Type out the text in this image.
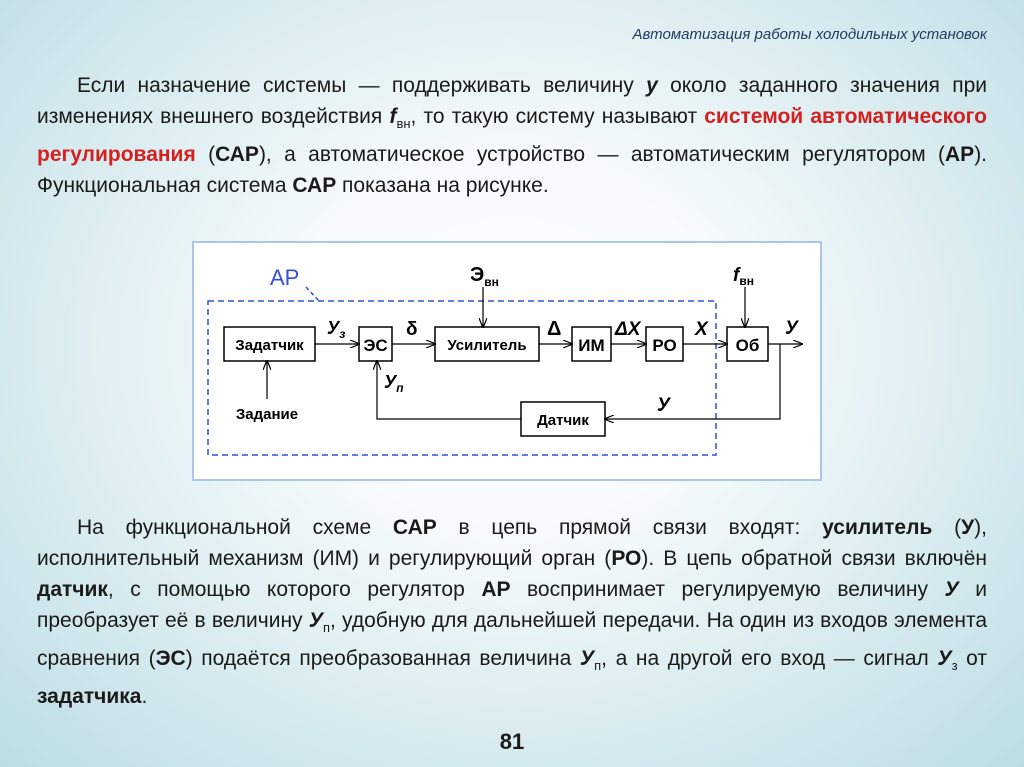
Автоматизация работы холодильных установок

Если назначение системы — поддерживать величину у около заданного значения при изменениях внешнего воздействия $f_{вн}$, то такую систему называют системой автоматического регулирования (САР), а автоматическое устройство — автоматическим регулятором (АР). Функциональная система САР показана на рисунке.

АР
Задатчик	ЭС	Усилитель	ИМ	РО	Об
Датчик
Задание
$У_з$	δ
$Э_{вн}$
Δ	ΔX	Х
$f_{вн}$
У
$У_п$
У

На функциональной схеме САР в цепь прямой связи входят: усилитель (У), исполнительный механизм (ИМ) и регулирующий орган (РО). В цепь обратной связи включён датчик, с помощью которого регулятор АР воспринимает регулируемую величину У и преобразует её в величину $У_п$, удобную для дальнейшей передачи. На один из входов элемента сравнения (ЭС) подаётся преобразованная величина $У_п$, а на другой его вход — сигнал $У_з$ от задатчика.

81
